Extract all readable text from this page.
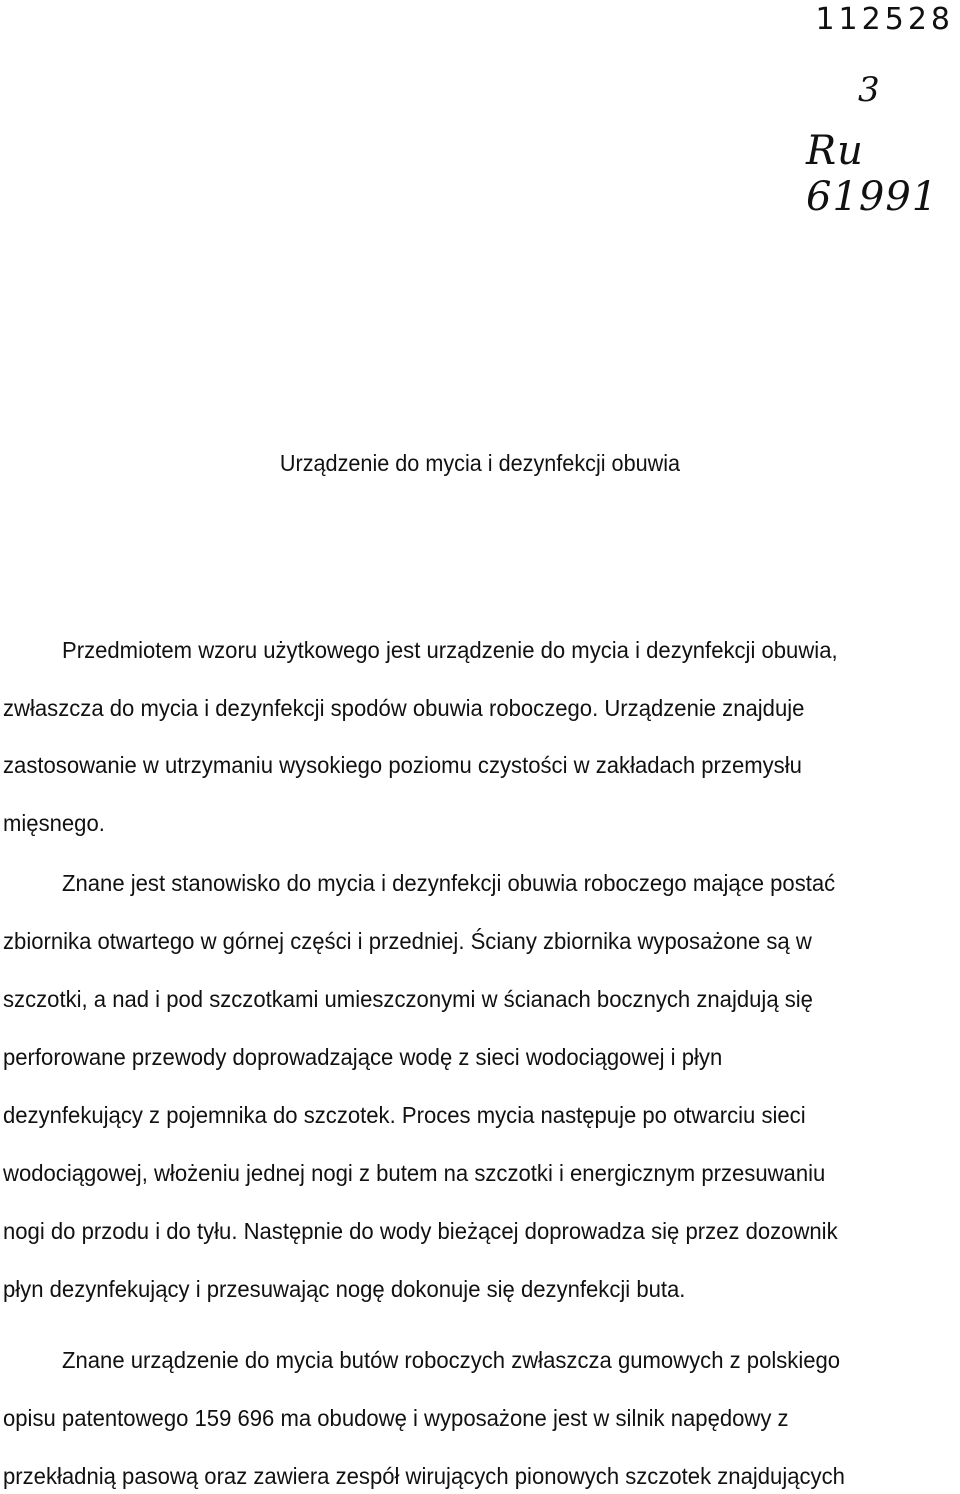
112528
3
Ru 61991
Urządzenie do mycia i dezynfekcji obuwia
Przedmiotem wzoru użytkowego jest urządzenie do mycia i dezynfekcji obuwia,
zwłaszcza do mycia i dezynfekcji spodów obuwia roboczego. Urządzenie znajduje
zastosowanie w utrzymaniu wysokiego poziomu czystości w zakładach przemysłu
mięsnego.
Znane jest stanowisko do mycia i dezynfekcji obuwia roboczego mające postać
zbiornika otwartego w górnej części i przedniej. Ściany zbiornika wyposażone są w
szczotki, a nad i pod szczotkami umieszczonymi w ścianach bocznych znajdują się
perforowane przewody doprowadzające wodę z sieci wodociągowej i płyn
dezynfekujący z pojemnika do szczotek. Proces mycia następuje po otwarciu sieci
wodociągowej, włożeniu jednej nogi z butem na szczotki i energicznym przesuwaniu
nogi do przodu i do tyłu. Następnie do wody bieżącej doprowadza się przez dozownik
płyn dezynfekujący i przesuwając nogę dokonuje się dezynfekcji buta.
Znane urządzenie do mycia butów roboczych zwłaszcza gumowych z polskiego
opisu patentowego 159 696 ma obudowę i wyposażone jest w silnik napędowy z
przekładnią pasową oraz zawiera zespół wirujących pionowych szczotek znajdujących
